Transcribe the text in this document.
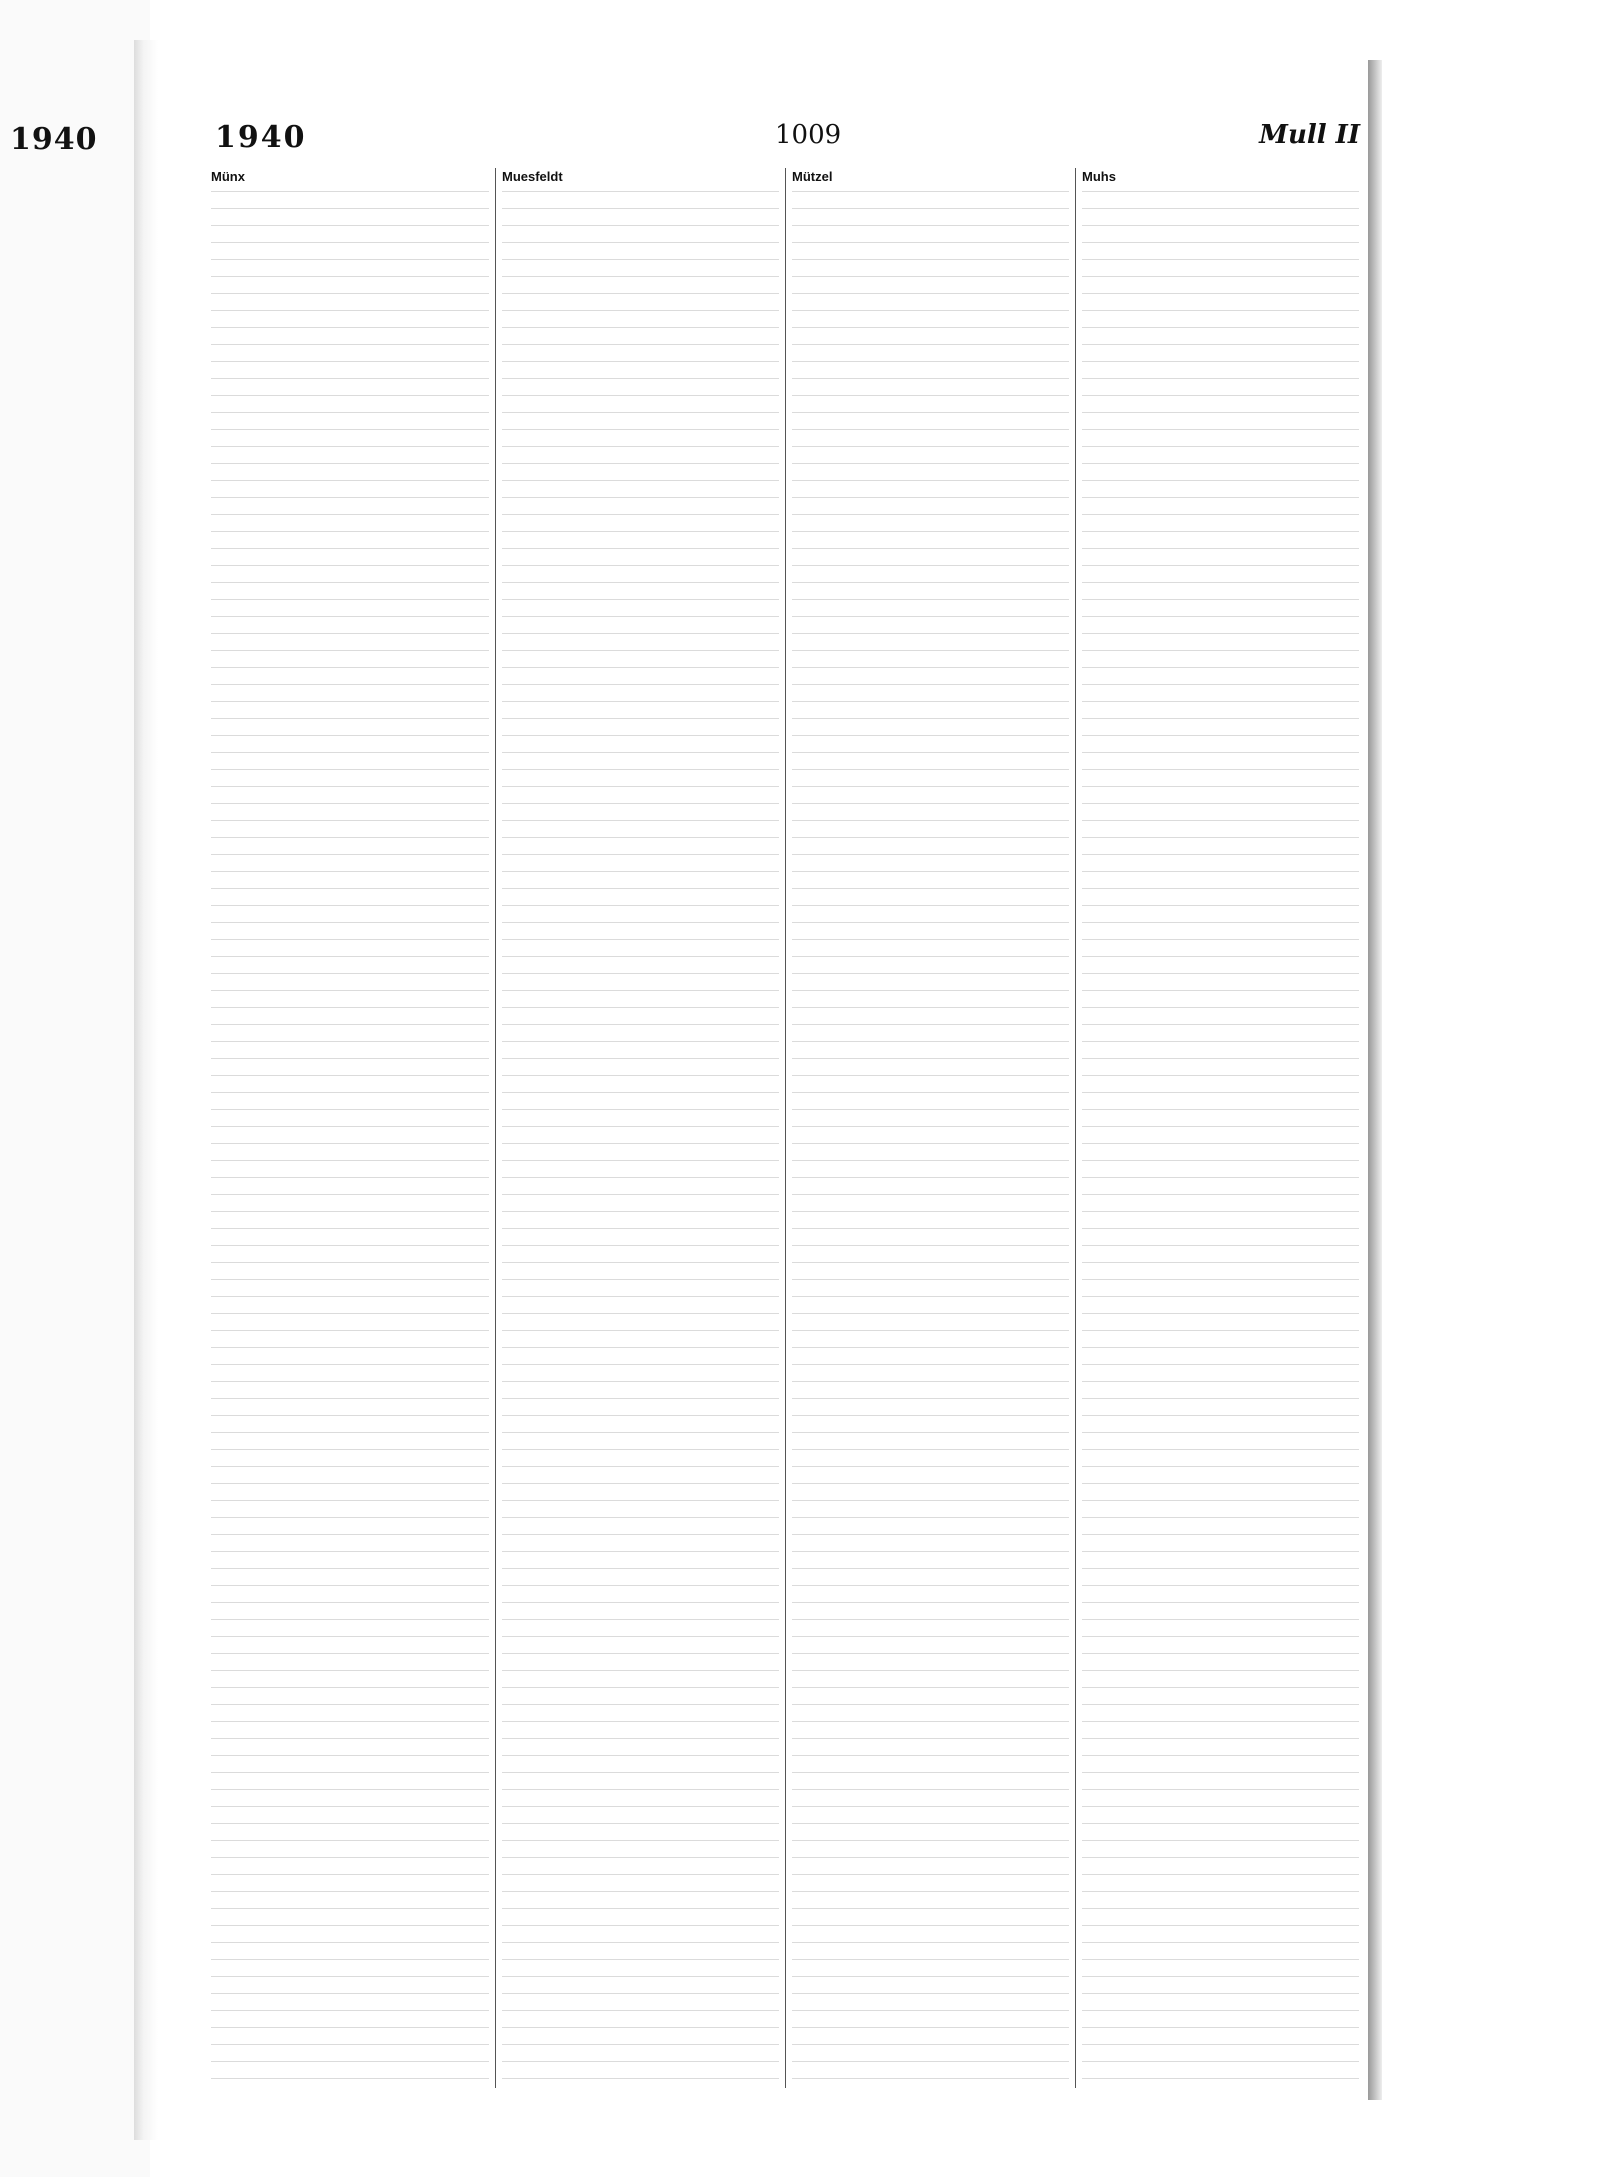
1940	1940	1009	Mull II
Münx	Muesfeldt	Mützel	Muhs
